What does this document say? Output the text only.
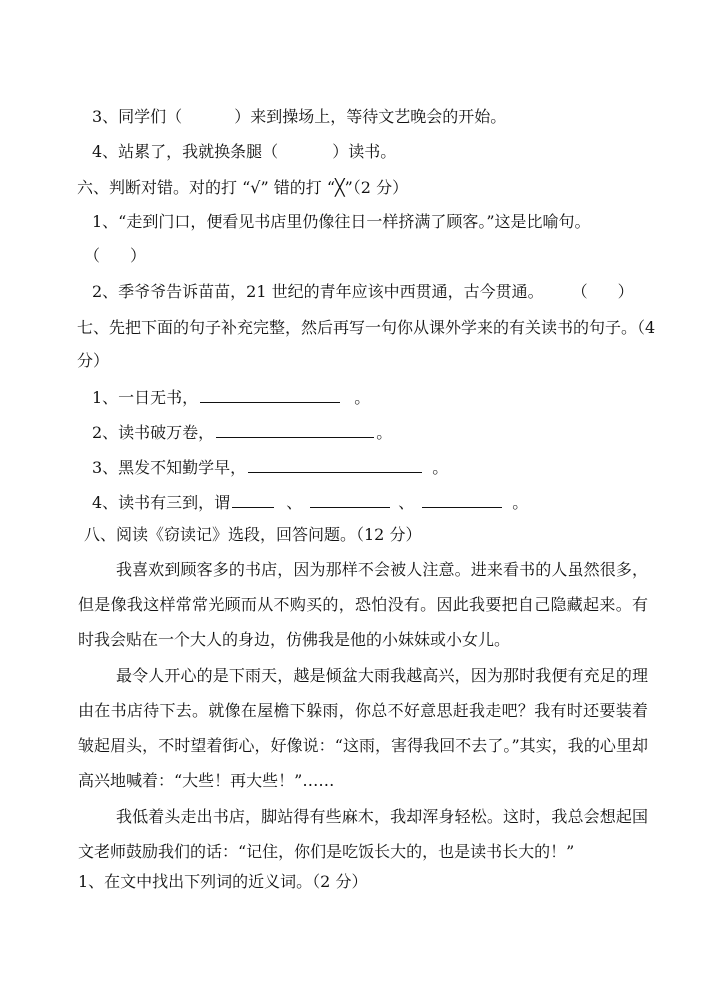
3、同学们（	）来到操场上，等待文艺晚会的开始。
4、站累了，我就换条腿（	）读书。
六、判断对错。对的打 “√” 错的打 “╳”（2 分）
1、“走到门口，便看见书店里仍像往日一样挤满了顾客。”这是比喻句。
（ ）
2、季爷爷告诉苗苗，21 世纪的青年应该中西贯通，古今贯通。 （ ）
七、先把下面的句子补充完整，然后再写一句你从课外学来的有关读书的句子。（4
分）
1、一日无书，	。
2、读书破万卷，	。
3、黑发不知勤学早，	。
4、读书有三到，谓	、	、	。
八、阅读《窃读记》选段，回答问题。（12 分）
我喜欢到顾客多的书店，因为那样不会被人注意。进来看书的人虽然很多，但是像我这样常常光顾而从不购买的，恐怕没有。因此我要把自己隐藏起来。有时我会贴在一个大人的身边，仿佛我是他的小妹妹或小女儿。
最令人开心的是下雨天，越是倾盆大雨我越高兴，因为那时我便有充足的理由在书店待下去。就像在屋檐下躲雨，你总不好意思赶我走吧？我有时还要装着皱起眉头，不时望着街心，好像说：“这雨，害得我回不去了。”其实，我的心里却高兴地喊着：“大些！再大些！”……
我低着头走出书店，脚站得有些麻木，我却浑身轻松。这时，我总会想起国文老师鼓励我们的话：“记住，你们是吃饭长大的，也是读书长大的！”
1、在文中找出下列词的近义词。（2 分）
